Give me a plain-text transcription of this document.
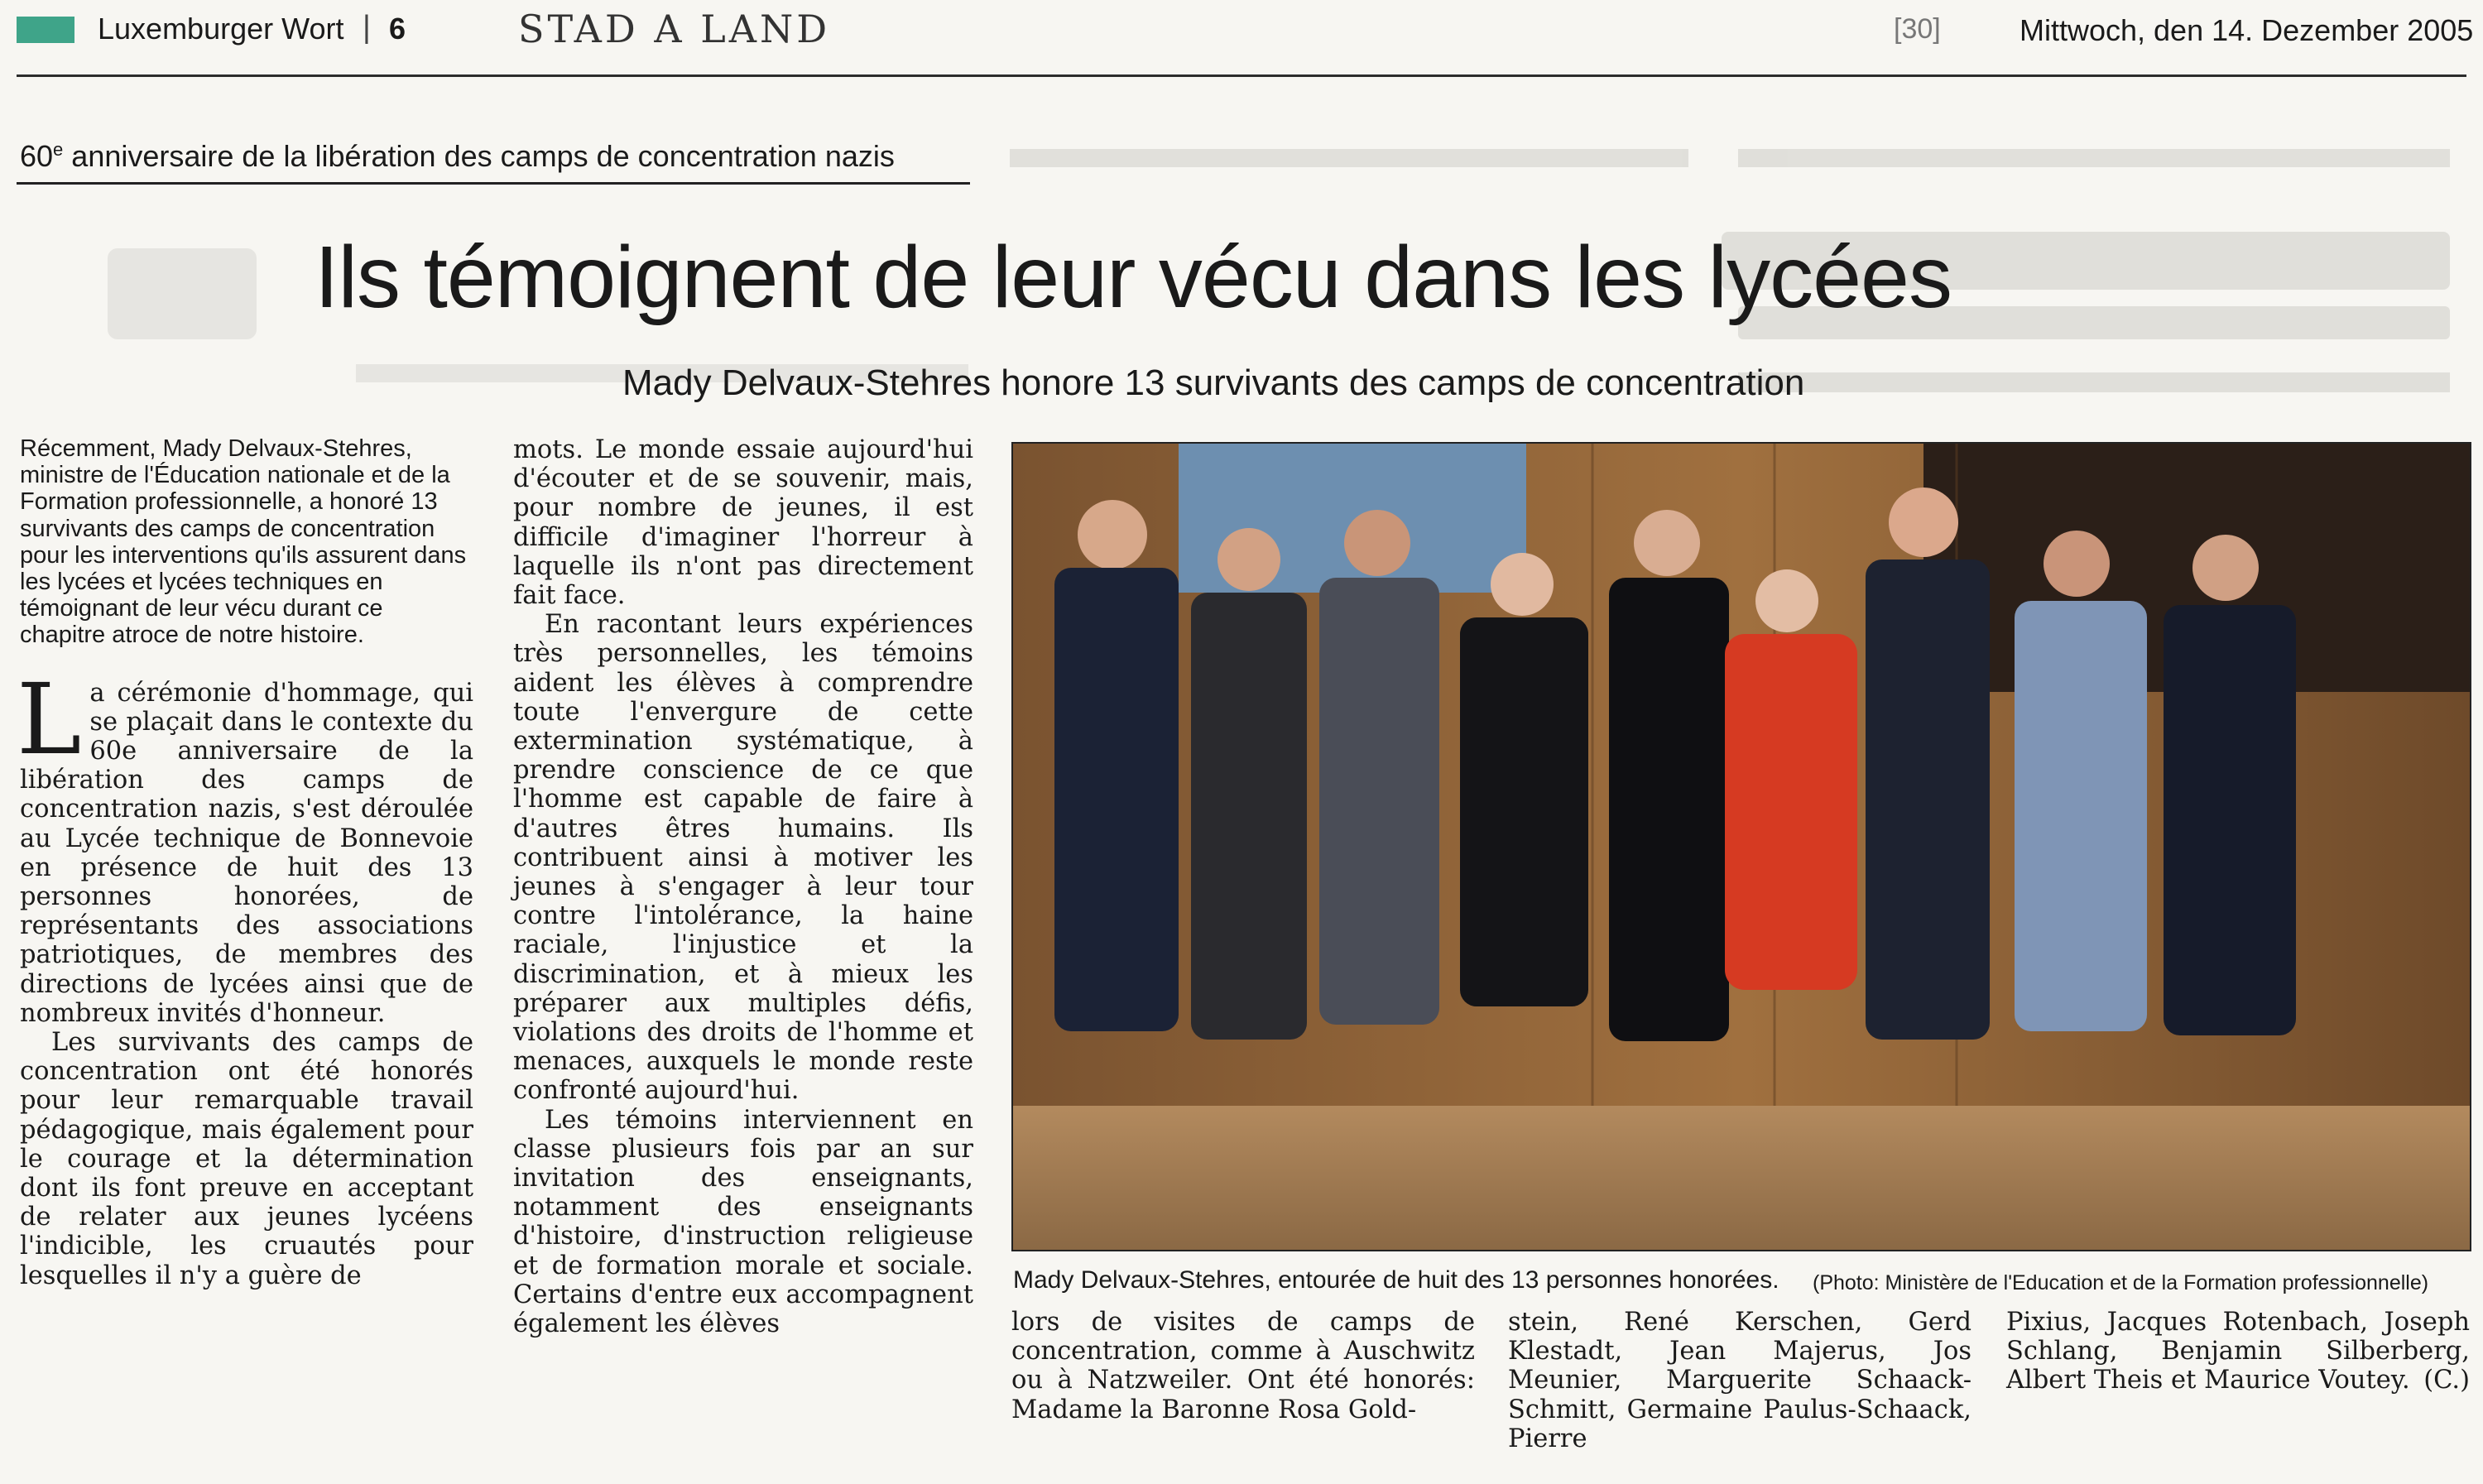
Luxemburger Wort | 6	STAD A LAND	[30]	Mittwoch, den 14. Dezember 2005
60e anniversaire de la libération des camps de concentration nazis
Ils témoignent de leur vécu dans les lycées
Mady Delvaux-Stehres honore 13 survivants des camps de concentration

Récemment, Mady Delvaux-Stehres, ministre de l'Éducation nationale et de la Formation professionnelle, a honoré 13 survivants des camps de concentration pour les interventions qu'ils assurent dans les lycées et lycées techniques en témoignant de leur vécu durant ce chapitre atroce de notre histoire.

La cérémonie d'hommage, qui se plaçait dans le contexte du 60e anniversaire de la libération des camps de concentration nazis, s'est déroulée au Lycée technique de Bonnevoie en présence de huit des 13 personnes honorées, de représentants des associations patriotiques, de membres des directions de lycées ainsi que de nombreux invités d'honneur.

Les survivants des camps de concentration ont été honorés pour leur remarquable travail pédagogique, mais également pour le courage et la détermination dont ils font preuve en acceptant de relater aux jeunes lycéens l'indicible, les cruautés pour lesquelles il n'y a guère de

mots. Le monde essaie aujourd'hui d'écouter et de se souvenir, mais, pour nombre de jeunes, il est difficile d'imaginer l'horreur à laquelle ils n'ont pas directement fait face.

En racontant leurs expériences très personnelles, les témoins aident les élèves à comprendre toute l'envergure de cette extermination systématique, à prendre conscience de ce que l'homme est capable de faire à d'autres êtres humains. Ils contribuent ainsi à motiver les jeunes à s'engager à leur tour contre l'intolérance, la haine raciale, l'injustice et la discrimination, et à mieux les préparer aux multiples défis, violations des droits de l'homme et menaces, auxquels le monde reste confronté aujourd'hui.

Les témoins interviennent en classe plusieurs fois par an sur invitation des enseignants, notamment des enseignants d'histoire, d'instruction religieuse et de formation morale et sociale. Certains d'entre eux accompagnent également les élèves

Mady Delvaux-Stehres, entourée de huit des 13 personnes honorées. (Photo: Ministère de l'Education et de la Formation professionnelle)
lors de visites de camps de concentration, comme à Auschwitz ou à Natzweiler. Ont été honorés: Madame la Baronne Rosa Gold-
stein, René Kerschen, Gerd Klestadt, Jean Majerus, Jos Meunier, Marguerite Schaack-Schmitt, Germaine Paulus-Schaack, Pierre
Pixius, Jacques Rotenbach, Joseph Schlang, Benjamin Silberberg, Albert Theis et Maurice Voutey. (C.)
